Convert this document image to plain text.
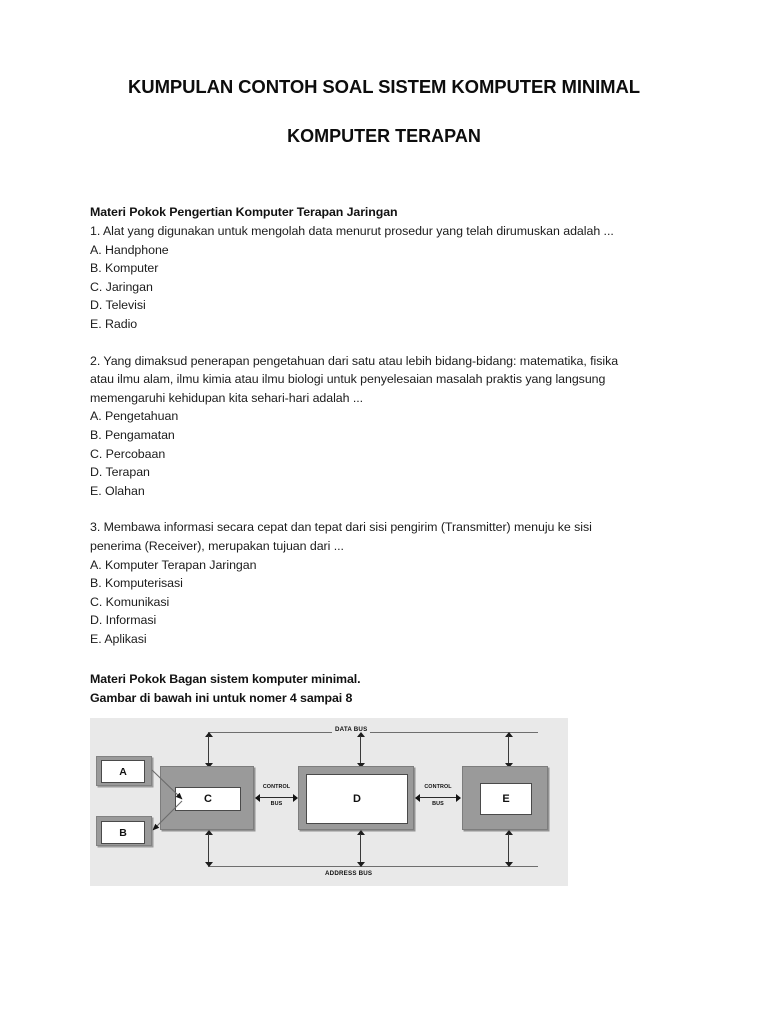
KUMPULAN CONTOH SOAL SISTEM KOMPUTER MINIMAL
KOMPUTER TERAPAN
Materi Pokok Pengertian Komputer Terapan Jaringan
1. Alat yang digunakan untuk mengolah data menurut prosedur yang telah dirumuskan adalah ...
A. Handphone
B. Komputer
C. Jaringan
D. Televisi
E. Radio
2. Yang dimaksud penerapan pengetahuan dari satu atau lebih bidang-bidang: matematika, fisika
atau ilmu alam, ilmu kimia atau ilmu biologi untuk penyelesaian masalah praktis yang langsung
memengaruhi kehidupan kita sehari-hari adalah ...
A. Pengetahuan
B. Pengamatan
C. Percobaan
D. Terapan
E. Olahan
3. Membawa informasi secara cepat dan tepat dari sisi pengirim (Transmitter) menuju ke sisi
penerima (Receiver), merupakan tujuan dari ...
A. Komputer Terapan Jaringan
B. Komputerisasi
C. Komunikasi
D. Informasi
E. Aplikasi
Materi Pokok Bagan sistem komputer minimal.
Gambar di bawah ini untuk nomer 4 sampai 8
DATA BUS
ADDRESS BUS
C	D	E
CONTROL
BUS
CONTROL
BUS
A
B
